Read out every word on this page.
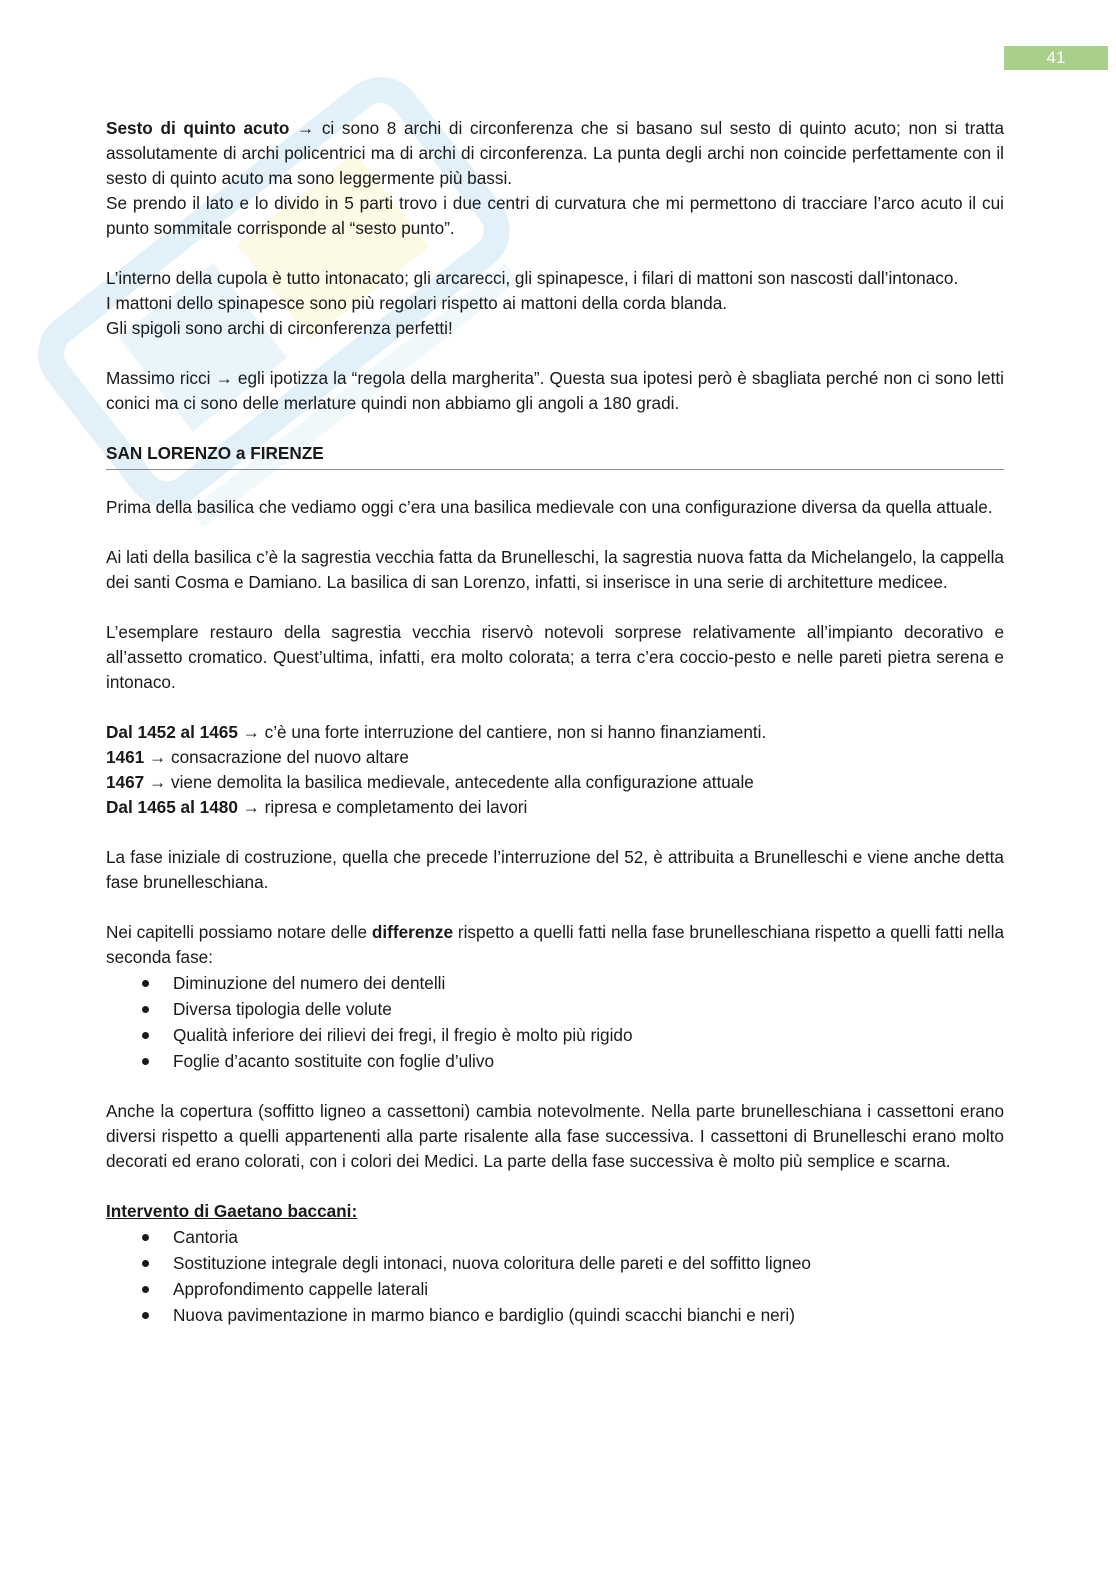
41

Sesto di quinto acuto → ci sono 8 archi di circonferenza che si basano sul sesto di quinto acuto; non si tratta assolutamente di archi policentrici ma di archi di circonferenza. La punta degli archi non coincide perfettamente con il sesto di quinto acuto ma sono leggermente più bassi.

Se prendo il lato e lo divido in 5 parti trovo i due centri di curvatura che mi permettono di tracciare l’arco acuto il cui punto sommitale corrisponde al “sesto punto”.

L’interno della cupola è tutto intonacato; gli arcarecci, gli spinapesce, i filari di mattoni son nascosti dall’intonaco.

I mattoni dello spinapesce sono più regolari rispetto ai mattoni della corda blanda.

Gli spigoli sono archi di circonferenza perfetti!

Massimo ricci → egli ipotizza la “regola della margherita”. Questa sua ipotesi però è sbagliata perché non ci sono letti conici ma ci sono delle merlature quindi non abbiamo gli angoli a 180 gradi.

SAN LORENZO a FIRENZE

Prima della basilica che vediamo oggi c’era una basilica medievale con una configurazione diversa da quella attuale.

Ai lati della basilica c’è la sagrestia vecchia fatta da Brunelleschi, la sagrestia nuova fatta da Michelangelo, la cappella dei santi Cosma e Damiano. La basilica di san Lorenzo, infatti, si inserisce in una serie di architetture medicee.

L’esemplare restauro della sagrestia vecchia riservò notevoli sorprese relativamente all’impianto decorativo e all’assetto cromatico. Quest’ultima, infatti, era molto colorata; a terra c’era coccio-pesto e nelle pareti pietra serena e intonaco.

Dal 1452 al 1465 → c’è una forte interruzione del cantiere, non si hanno finanziamenti.

1461 → consacrazione del nuovo altare

1467 → viene demolita la basilica medievale, antecedente alla configurazione attuale

Dal 1465 al 1480 → ripresa e completamento dei lavori

La fase iniziale di costruzione, quella che precede l’interruzione del 52, è attribuita a Brunelleschi e viene anche detta fase brunelleschiana.

Nei capitelli possiamo notare delle differenze rispetto a quelli fatti nella fase brunelleschiana rispetto a quelli fatti nella seconda fase:

Diminuzione del numero dei dentelli
Diversa tipologia delle volute
Qualità inferiore dei rilievi dei fregi, il fregio è molto più rigido
Foglie d’acanto sostituite con foglie d’ulivo

Anche la copertura (soffitto ligneo a cassettoni) cambia notevolmente. Nella parte brunelleschiana i cassettoni erano diversi rispetto a quelli appartenenti alla parte risalente alla fase successiva. I cassettoni di Brunelleschi erano molto decorati ed erano colorati, con i colori dei Medici. La parte della fase successiva è molto più semplice e scarna.

Intervento di Gaetano baccani:

Cantoria
Sostituzione integrale degli intonaci, nuova coloritura delle pareti e del soffitto ligneo
Approfondimento cappelle laterali
Nuova pavimentazione in marmo bianco e bardiglio (quindi scacchi bianchi e neri)
